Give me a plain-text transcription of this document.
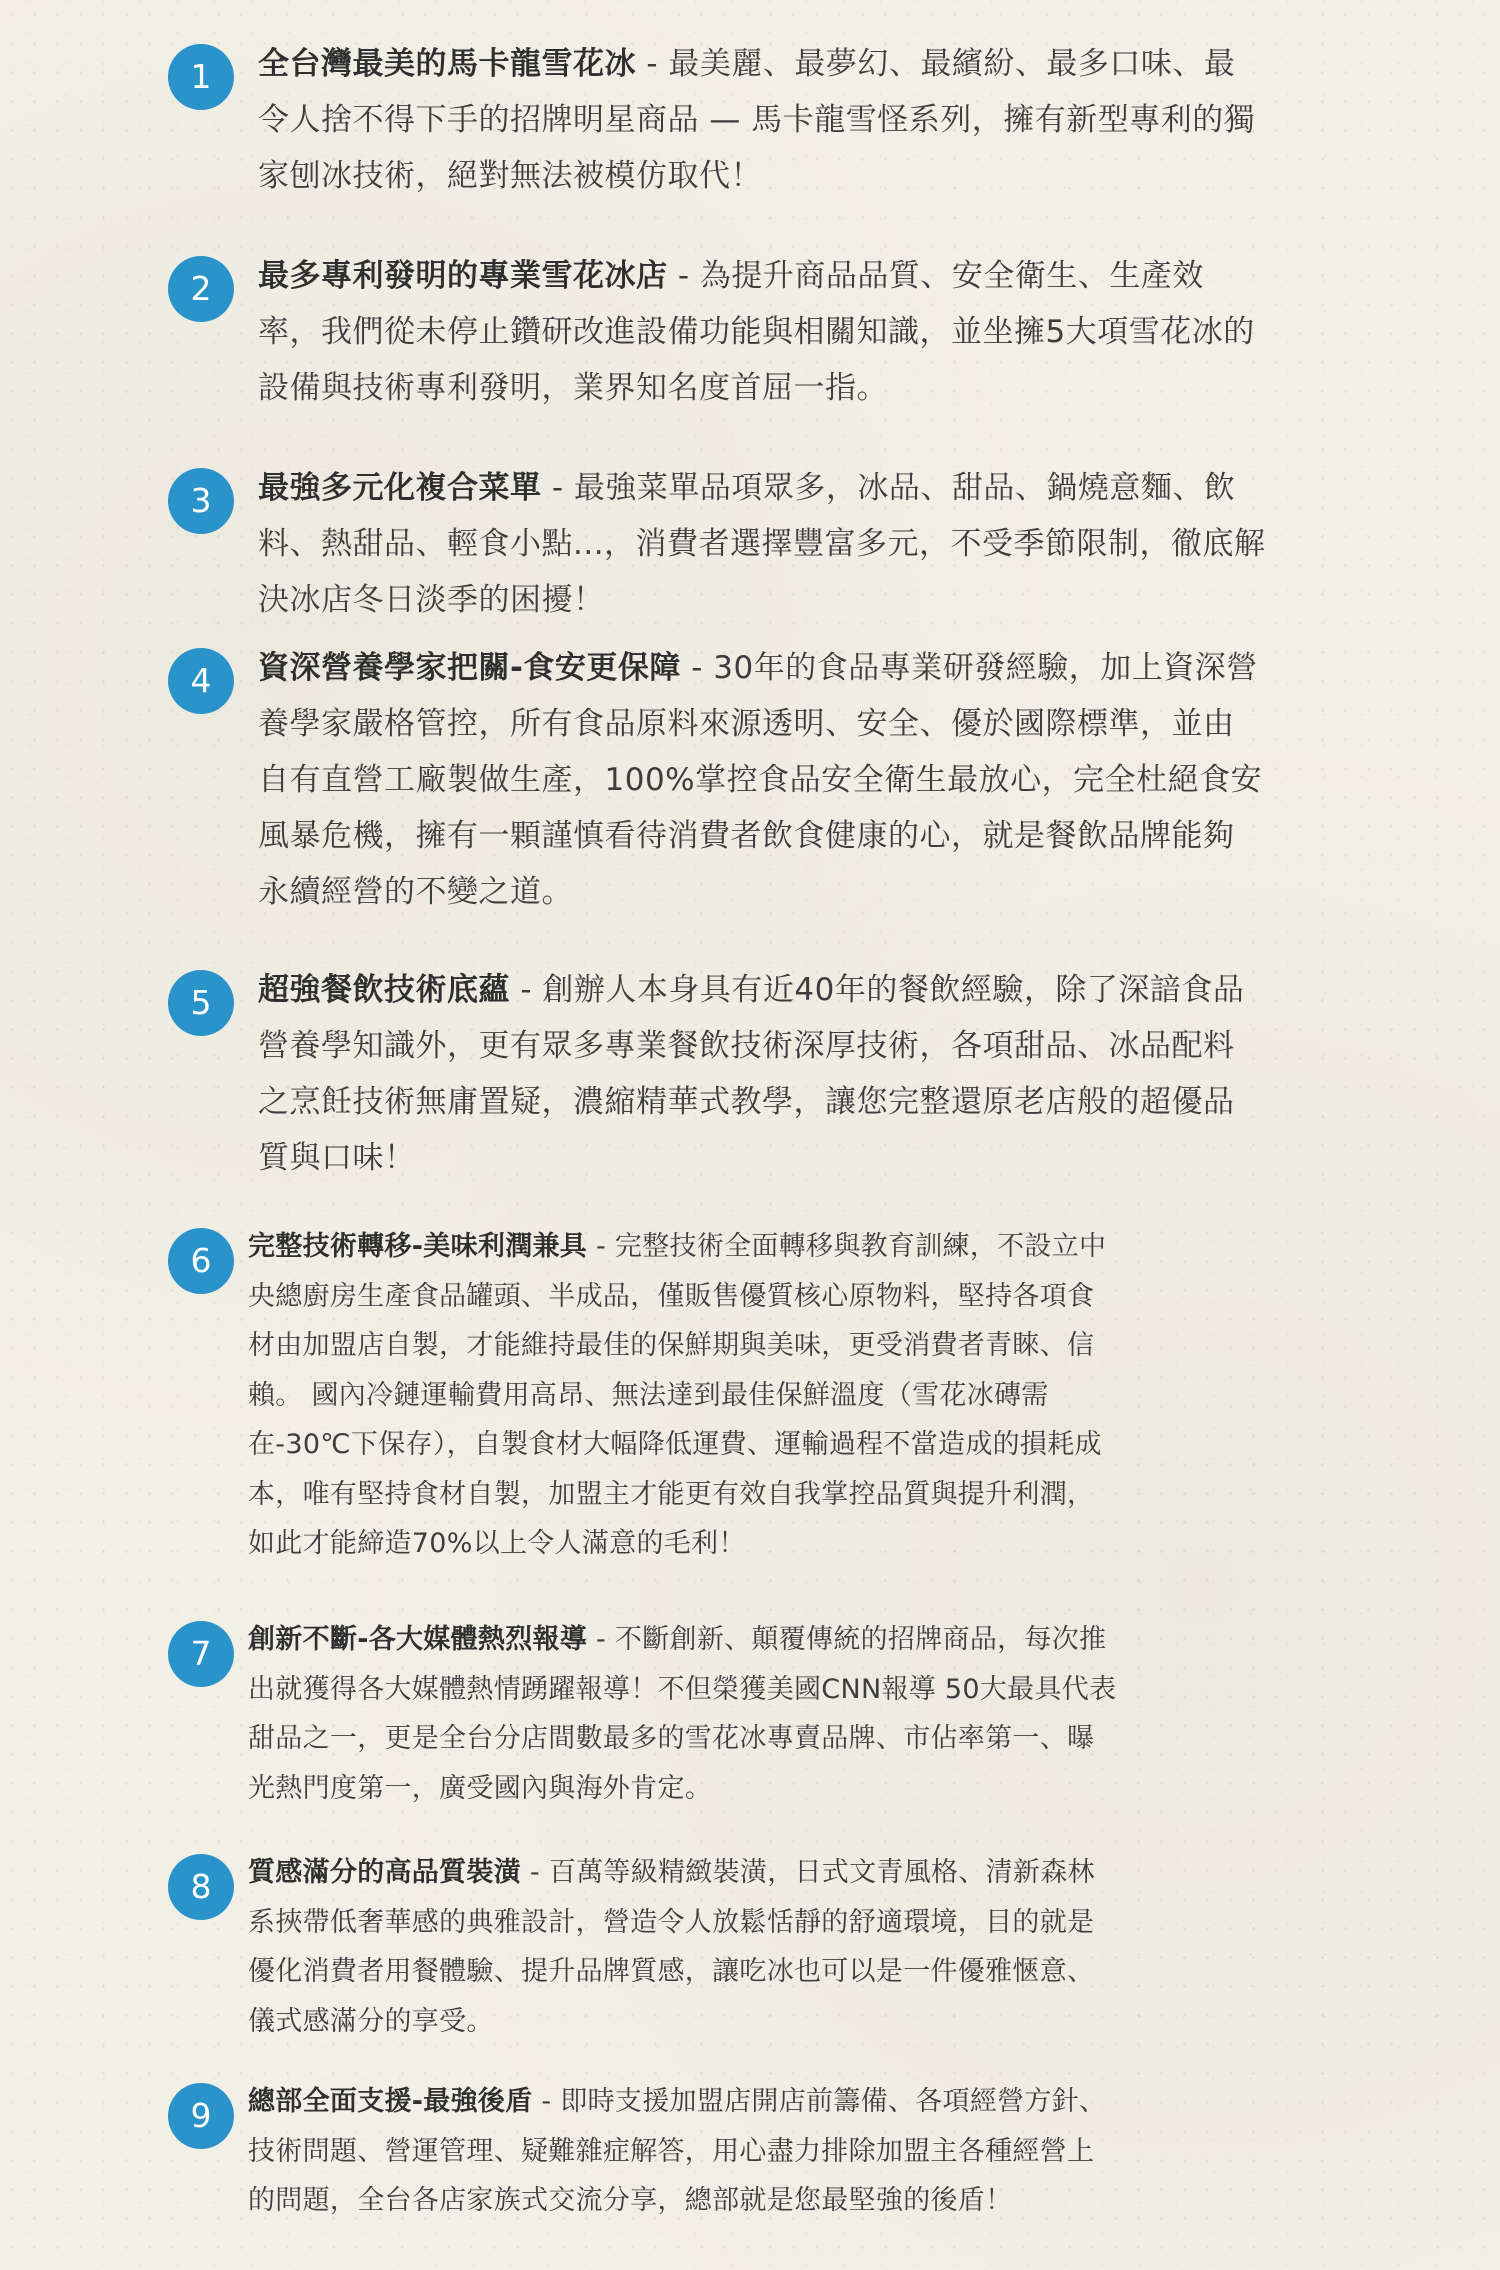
1	全台灣最美的馬卡龍雪花冰 - 最美麗、最夢幻、最繽紛、最多口味、最
令人捨不得下手的招牌明星商品 — 馬卡龍雪怪系列，擁有新型專利的獨
家刨冰技術，絕對無法被模仿取代！

2	最多專利發明的專業雪花冰店 - 為提升商品品質、安全衛生、生產效
率，我們從未停止鑽研改進設備功能與相關知識，並坐擁5大項雪花冰的
設備與技術專利發明，業界知名度首屈一指。

3	最強多元化複合菜單 - 最強菜單品項眾多，冰品、甜品、鍋燒意麵、飲
料、熱甜品、輕食小點...，消費者選擇豐富多元，不受季節限制，徹底解
決冰店冬日淡季的困擾！

4	資深營養學家把關-食安更保障 - 30年的食品專業研發經驗，加上資深營
養學家嚴格管控，所有食品原料來源透明、安全、優於國際標準，並由
自有直營工廠製做生產，100%掌控食品安全衛生最放心，完全杜絕食安
風暴危機，擁有一顆謹慎看待消費者飲食健康的心，就是餐飲品牌能夠
永續經營的不變之道。

5	超強餐飲技術底蘊 - 創辦人本身具有近40年的餐飲經驗，除了深諳食品
營養學知識外，更有眾多專業餐飲技術深厚技術，各項甜品、冰品配料
之烹飪技術無庸置疑，濃縮精華式教學，讓您完整還原老店般的超優品
質與口味！

6	完整技術轉移-美味利潤兼具 - 完整技術全面轉移與教育訓練，不設立中
央總廚房生產食品罐頭、半成品，僅販售優質核心原物料，堅持各項食
材由加盟店自製，才能維持最佳的保鮮期與美味，更受消費者青睞、信
賴。 國內冷鏈運輸費用高昂、無法達到最佳保鮮溫度（雪花冰磚需
在-30℃下保存），自製食材大幅降低運費、運輸過程不當造成的損耗成
本，唯有堅持食材自製，加盟主才能更有效自我掌控品質與提升利潤，
如此才能締造70%以上令人滿意的毛利！

7	創新不斷-各大媒體熱烈報導 - 不斷創新、顛覆傳統的招牌商品，每次推
出就獲得各大媒體熱情踴躍報導！不但榮獲美國CNN報導 50大最具代表
甜品之一，更是全台分店間數最多的雪花冰專賣品牌、市佔率第一、曝
光熱門度第一，廣受國內與海外肯定。

8	質感滿分的高品質裝潢 - 百萬等級精緻裝潢，日式文青風格、清新森林
系挾帶低奢華感的典雅設計，營造令人放鬆恬靜的舒適環境，目的就是
優化消費者用餐體驗、提升品牌質感，讓吃冰也可以是一件優雅愜意、
儀式感滿分的享受。

9	總部全面支援-最強後盾 - 即時支援加盟店開店前籌備、各項經營方針、
技術問題、營運管理、疑難雜症解答，用心盡力排除加盟主各種經營上
的問題，全台各店家族式交流分享，總部就是您最堅強的後盾！
